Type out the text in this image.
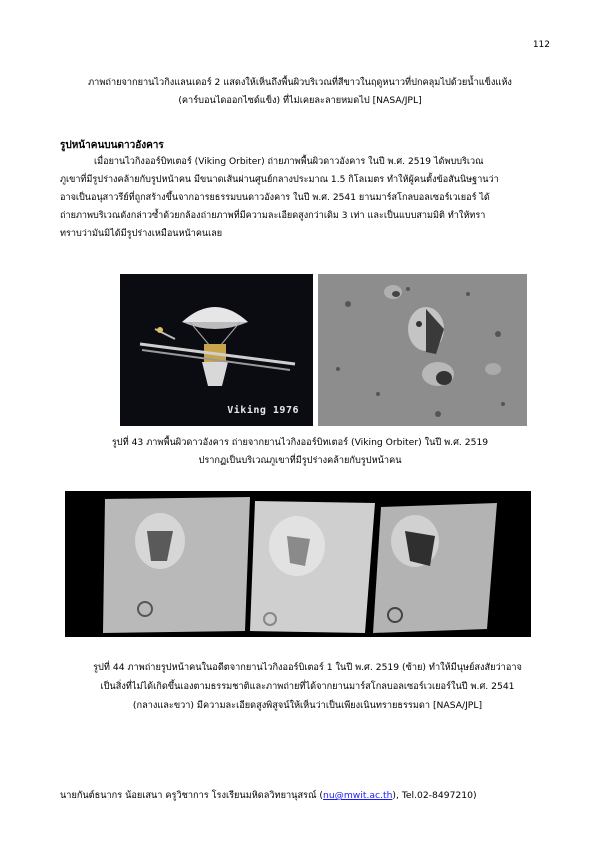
112
ภาพถ่ายจากยานไวกิงแลนเดอร์ 2 แสดงให้เห็นถึงพื้นผิวบริเวณที่สีขาวในฤดูหนาวที่ปกคลุมไปด้วยน้ำแข็งแห้ง
(คาร์บอนไดออกไซด์แข็ง) ที่ไม่เคยละลายหมดไป [NASA/JPL]
รูปหน้าคนบนดาวอังคาร
เมื่อยานไวกิงออร์บิทเตอร์ (Viking Orbiter) ถ่ายภาพพื้นผิวดาวอังคาร ในปี พ.ศ. 2519 ได้พบบริเวณ
ภูเขาที่มีรูปร่างคล้ายกับรูปหน้าคน มีขนาดเส้นผ่านศูนย์กลางประมาณ 1.5 กิโลเมตร ทำให้ผู้คนตั้งข้อสันนิษฐานว่า
อาจเป็นอนุสาวรีย์ที่ถูกสร้างขึ้นจากอารยธรรมบนดาวอังคาร ในปี พ.ศ. 2541 ยานมาร์สโกลบอลเซอร์เวเยอร์ ได้
ถ่ายภาพบริเวณดังกล่าวซ้ำด้วยกล้องถ่ายภาพที่มีความละเอียดสูงกว่าเดิม 3 เท่า และเป็นแบบสามมิติ ทำให้ทรา
ทราบว่ามันมิได้มีรูปร่างเหมือนหน้าคนเลย
Viking 1976
รูปที่ 43 ภาพพื้นผิวดาวอังคาร ถ่ายจากยานไวกิงออร์บิทเตอร์ (Viking Orbiter) ในปี พ.ศ. 2519
ปรากฏเป็นบริเวณภูเขาที่มีรูปร่างคล้ายกับรูปหน้าคน
รูปที่ 44 ภาพถ่ายรูปหน้าคนในอดีตจากยานไวกิงออร์บิเตอร์ 1 ในปี พ.ศ. 2519 (ซ้าย) ทำให้มีนุษย์สงสัยว่าอาจ
เป็นสิ่งที่ไม่ได้เกิดขึ้นเองตามธรรมชาติและภาพถ่ายที่ได้จากยานมาร์สโกลบอลเซอร์เวเยอร์ในปี พ.ศ. 2541
(กลางและขวา) มีความละเอียดสูงพิสูจน์ให้เห็นว่าเป็นเพียงเนินทรายธรรมดา [NASA/JPL]
นายกันต์ธนากร น้อยเสนา ครูวิชาการ โรงเรียนมหิดลวิทยานุสรณ์ (nu@mwit.ac.th), Tel.02-8497210)
